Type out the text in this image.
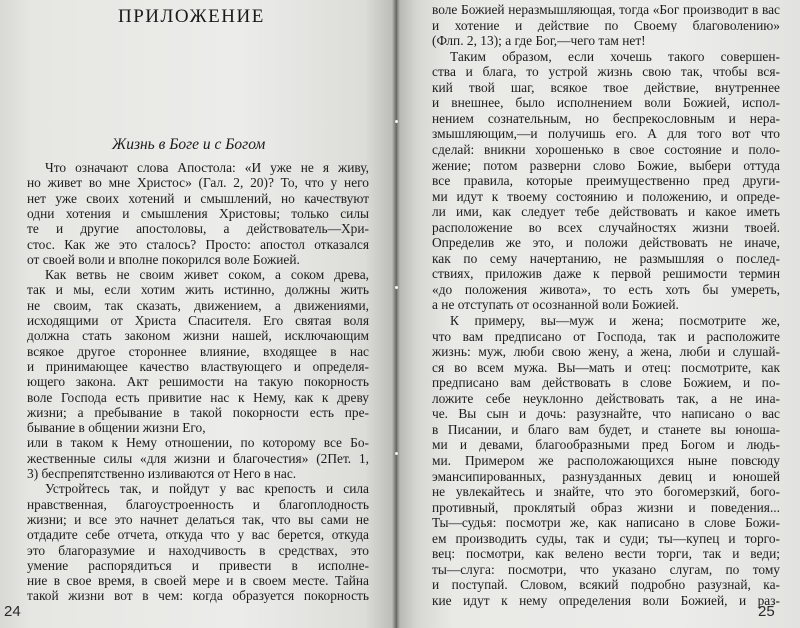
ПРИЛОЖЕНИЕ
Жизнь в Боге и с Богом
Что означают слова Апостола: «И уже не я живу,
но живет во мне Христос» (Гал. 2, 20)? То, что у него
нет уже своих хотений и смышлений, но качествуют
одни хотения и смышления Христовы; только силы
те и другие апостоловы, а действователь—Хри-
стос. Как же это сталось? Просто: апостол отказался
от своей воли и вполне покорился воле Божией.
Как ветвь не своим живет соком, а соком древа,
так и мы, если хотим жить истинно, должны жить
не своим, так сказать, движением, а движениями,
исходящими от Христа Спасителя. Его святая воля
должна стать законом жизни нашей, исключающим
всякое другое стороннее влияние, входящее в нас
и принимающее качество властвующего и определя-
ющего закона. Акт решимости на такую покорность
воле Господа есть привитие нас к Нему, как к древу
жизни; а пребывание в такой покорности есть пре-
бывание в общении жизни Его,
или в таком к Нему отношении, по которому все Бо-
жественные силы «для жизни и благочестия» (2Пет. 1,
3) беспрепятственно изливаются от Него в нас.
Устройтесь так, и пойдут у вас крепость и сила
нравственная, благоустроенность и благоплодность
жизни; и все это начнет делаться так, что вы сами не
отдадите себе отчета, откуда что у вас берется, откуда
это благоразумие и находчивость в средствах, это
умение распорядиться и привести в исполне-
ние в свое время, в своей мере и в своем месте. Тайна
такой жизни вот в чем: когда образуется покорность
24
воле Божией неразмышляющая, тогда «Бог производит в вас и хотение и действие по Своему благоволению»
(Флп. 2, 13); а где Бог,—чего там нет!
Таким образом, если хочешь такого совершен-
ства и блага, то устрой жизнь свою так, чтобы вся-
кий твой шаг, всякое твое действие, внутреннее
и внешнее, было исполнением воли Божией, испол-
нением сознательным, но беспрекословным и нера-
змышляющим,—и получишь его. А для того вот что
сделай: вникни хорошенько в свое состояние и поло-
жение; потом разверни слово Божие, выбери оттуда
все правила, которые преимущественно пред други-
ми идут к твоему состоянию и положению, и опреде-
ли ими, как следует тебе действовать и какое иметь
расположение во всех случайностях жизни твоей.
Определив же это, и положи действовать не иначе,
как по сему начертанию, не размышляя о послед-
ствиях, приложив даже к первой решимости термин
«до положения живота», то есть хоть бы умереть,
а не отступать от осознанной воли Божией.
К примеру, вы—муж и жена; посмотрите же,
что вам предписано от Господа, так и расположите
жизнь: муж, люби свою жену, а жена, люби и слушай-
ся во всем мужа. Вы—мать и отец: посмотрите, как
предписано вам действовать в слове Божием, и по-
ложите себе неуклонно действовать так, а не ина-
че. Вы сын и дочь: разузнайте, что написано о вас
в Писании, и благо вам будет, и станете вы юноша-
ми и девами, благообразными пред Богом и людь-
ми. Примером же расположающихся ныне повсюду
эмансипированных, разнузданных девиц и юношей
не увлекайтесь и знайте, что это богомерзкий, бого-
противный, проклятый образ жизни и поведения...
Ты—судья: посмотри же, как написано в слове Божи-
ем производить суды, так и суди; ты—купец и торго-
вец: посмотри, как велено вести торги, так и веди;
ты—слуга: посмотри, что указано слугам, по тому
и поступай. Словом, всякий подробно разузнай, ка-
кие идут к нему определения воли Божией, и раз-
25
